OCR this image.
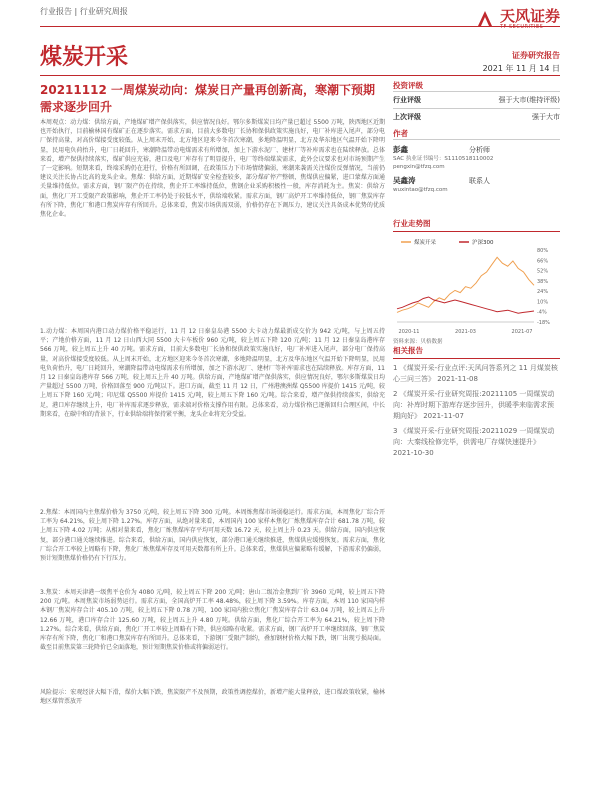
行业报告 | 行业研究周报	天风证券
TF SECURITIES
煤炭开采	证券研究报告
2021 年 11 月 14 日
20211112 一周煤炭动向：煤炭日产量再创新高，寒潮下预期需求逐步回升
本周观点：动力煤：供给方面，产地煤矿增产保供落实，供应情况良好。鄂尔多斯煤炭日均产量已超过 5500 万吨，陕西地区近期也开始执行，目前榆林国有煤矿正在逐步落实。需求方面，目前大多数电厂长协和保供政策实施良好，电厂补库进入尾声，部分电厂保持高量，对高价煤接受度较低。从上周末开始，北方地区迎来今冬首次寒潮，多地降温明显，北方及华东地区气温开始下降明显，民用电负荷抬升，电厂日耗回升，寒潮降温带动电煤需求有所增加，加上下游水泥厂、建材厂等补库需求也在陆续释放。总体来看，增产保供持续落实，煤矿供应充裕，港口及电厂库存有了明显提升，电厂等终端煤炭需求，此外会议要求也对市场预期产生了一定影响。短期来看，终端采购仍在进行，价格有所回调，在政策压力下市场情绪偏弱，寒潮来袭需关注煤价反弹情况，当前仍建议关注长协占比高的龙头企业。焦煤：供给方面，近期煤矿安全检查较多，部分煤矿停产整顿，焦煤供应偏紧，进口蒙煤方面通关量维持低位。需求方面，钢厂限产仍在持续，焦企开工率维持低位，焦钢企业采购积极性一般，库存消耗为主。焦炭：供给方面，焦化厂开工受限产政策影响，焦企开工率仍处于较低水平，供给端收紧。需求方面，钢厂高炉开工率维持低位，钢厂焦炭库存有所下降，焦化厂和港口焦炭库存有所回升。总体来看，焦炭市场供需双弱，价格仍存在下调压力，建议关注具备成本优势的优质焦化企业。
1.动力煤：本周国内港口动力煤价格平稳运行，11 月 12 日秦皇岛港 5500 大卡动力煤最新成交价为 942 元/吨，与上周五持平；产地价格方面，11 月 12 日山西大同 5500 大卡车板价 960 元/吨，较上周五下降 120 元/吨；11 月 12 日秦皇岛港库存 566 万吨，较上周五上升 40 万吨。需求方面，目前大多数电厂长协和保供政策实施良好，电厂补库进入尾声，部分电厂保持高量，对高价煤接受度较低。从上周末开始，北方地区迎来今冬首次寒潮，多地降温明显，北方及华东地区气温开始下降明显，民用电负荷抬升，电厂日耗回升，寒潮降温带动电煤需求有所增加，加之下游水泥厂、建材厂等补库需求也在陆续释放。库存方面，11 月 12 日秦皇岛港库存 566 万吨，较上周五上升 40 万吨。供给方面，产地煤矿增产保供落实，供应情况良好，鄂尔多斯煤炭日均产量超过 5500 万吨，价格回落至 900 元/吨以下。进口方面，截至 11 月 12 日，广州港澳洲煤 Q5500 库提价 1415 元/吨，较上周五下降 160 元/吨；印尼煤 Q5500 库提价 1415 元/吨，较上周五下降 160 元/吨。综合来看，增产保供持续落实，供给充足，港口库存继续上升，电厂补库需求逐步释放，需求端对价格支撑作用有限。总体来看，动力煤价格已逐渐回归合理区间，中长期来看，在碳中和的背景下，行业供给端将保持紧平衡，龙头企业将充分受益。
2.焦煤：本周国内主焦煤价格为 3750 元/吨，较上周五下降 300 元/吨。本周炼焦煤市场弱稳运行。需求方面，本周焦化厂综合开工率为 64.21%，较上周下降 1.27%。库存方面，从绝对量来看，本周国内 100 家样本焦化厂炼焦煤库存合计 681.78 万吨，较上周五下降 4.02 万吨；从相对量来看，焦化厂炼焦煤库存平均可用天数 16.72 天，较上周上升 0.23 天。供给方面，国内供应恢复，部分港口通关继续推进。综合来看，供给方面，国内供应恢复，部分港口通关继续推进，焦煤供应缓慢恢复。需求方面，焦化厂综合开工率较上周略有下降，焦化厂炼焦煤库存及可用天数都有所上升。总体来看，焦煤供应偏紧略有缓解，下游需求仍偏弱，预计短期焦煤价格仍有下行压力。
3.焦炭：本周天津港一级焦平仓价为 4080 元/吨，较上周五下降 200 元/吨；唐山二级冶金焦到厂价 3960 元/吨，较上周五下降 200 元/吨。本周焦炭市场弱势运行。需求方面，全国高炉开工率 48.48%，较上周下降 3.59%。库存方面，本周 110 家国内样本钢厂焦炭库存合计 405.10 万吨，较上周五下降 0.78 万吨，100 家国内独立焦化厂焦炭库存合计 63.04 万吨，较上周五上升 12.66 万吨，港口库存合计 125.60 万吨，较上周五上升 4.80 万吨。供给方面，焦化厂综合开工率为 64.21%，较上周下降 1.27%。综合来看，供给方面，焦化厂开工率较上周略有下降，供应端略有收紧。需求方面，钢厂高炉开工率继续回落，钢厂焦炭库存有所下降，焦化厂和港口焦炭库存有所回升。总体来看，下游钢厂受限产制约，叠加钢材价格大幅下跌，钢厂出现亏损局面。截至目前焦炭第三轮降价已全面落地，预计短期焦炭价格或将偏弱运行。
风险提示：宏观经济大幅下滑，煤价大幅下跌，焦炭限产不及预期，政策性调控煤价，新增产能大量释放，进口煤政策收紧，榆林地区煤管票放开
投资评级
行业评级	强于大市(维持评级)
上次评级	强于大市
作者
彭鑫	分析师
SAC 执业证书编号：S1110518110002
pengxin@tfzq.com
吴鑫涛	联系人
wuxintao@tfzq.com
行业走势图
-18%
-4%
10%
24%
38%
52%
66%
80%
2020-11	2021-03	2021-07
煤炭开采	沪深300
资料来源：贝格数据
相关报告
1 《煤炭开采-行业点评:天风问答系列之 11 月煤炭核心三问三答》 2021-11-08
2 《煤炭开采-行业研究周报:20211105 一周煤炭动向：补库时期下游库存逐步回升，供暖季来临需求预期向好》 2021-11-07
3 《煤炭开采-行业研究周报:20211029 一周煤炭动向：大秦线检修完毕，供需电厂存煤快速提升》 2021-10-30
